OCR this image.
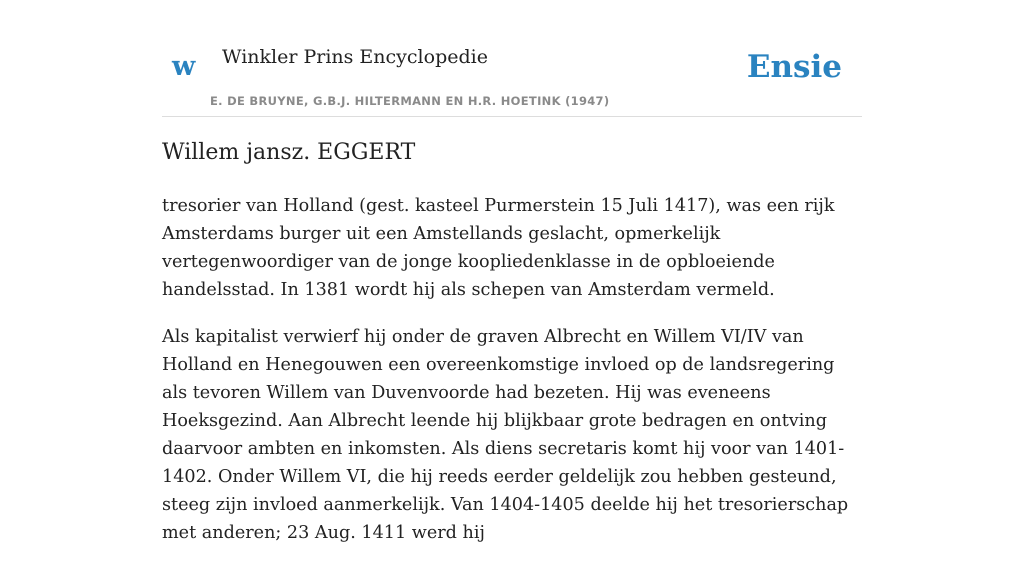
w Winkler Prins Encyclopedie
E. DE BRUYNE, G.B.J. HILTERMANN EN H.R. HOETINK (1947)
Ensie
Willem jansz. EGGERT

tresorier van Holland (gest. kasteel Purmerstein 15 Juli 1417), was een rijk Amsterdams burger uit een Amstellands geslacht, opmerkelijk vertegenwoordiger van de jonge koopliedenklasse in de opbloeiende handelsstad. In 1381 wordt hij als schepen van Amsterdam vermeld.

Als kapitalist verwierf hij onder de graven Albrecht en Willem VI/IV van Holland en Henegouwen een overeenkomstige invloed op de landsregering als tevoren Willem van Duvenvoorde had bezeten. Hij was eveneens Hoeksgezind. Aan Albrecht leende hij blijkbaar grote bedragen en ontving daarvoor ambten en inkomsten. Als diens secretaris komt hij voor van 1401-1402. Onder Willem VI, die hij reeds eerder geldelijk zou hebben gesteund, steeg zijn invloed aanmerkelijk. Van 1404-1405 deelde hij het tresorierschap met anderen; 23 Aug. 1411 werd hij
